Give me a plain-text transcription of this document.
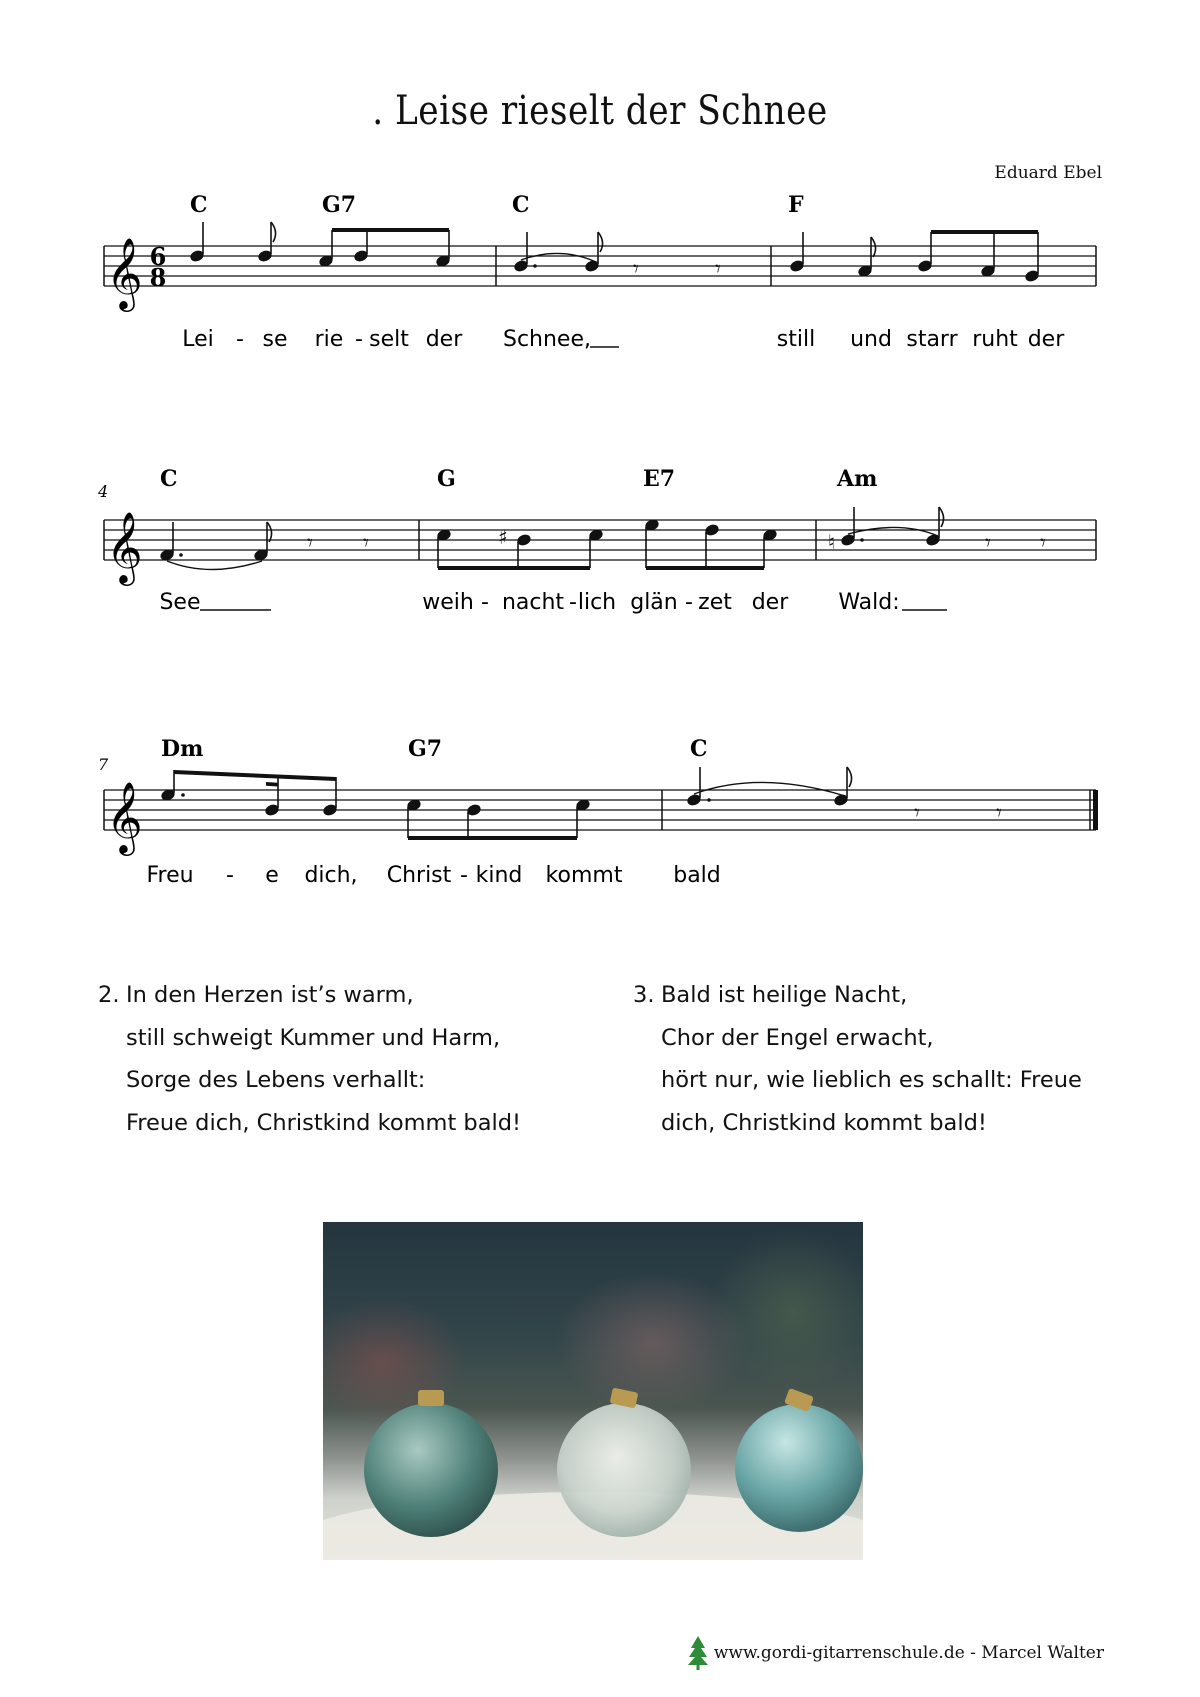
. Leise rieselt der Schnee
Eduard Ebel
C	G7	C	F
𝄞 6
8	𝄾	𝄾
Lei - se rie - selt der Schnee,	still und starr ruht der
4 C	G	E7	Am
𝄞	𝄾 𝄾	♯	♮	𝄾 𝄾
See	weih - nacht - lich glän - zet der Wald:
7
Dm	G7	C
𝄞	𝄾	𝄾
Freu - e dich, Christ - kind kommt bald
2. In den Herzen ist’s warm,
still schweigt Kummer und Harm,
Sorge des Lebens verhallt:
Freue dich, Christkind kommt bald!
3. Bald ist heilige Nacht,
Chor der Engel erwacht,
hört nur, wie lieblich es schallt: Freue
dich, Christkind kommt bald!
www.gordi-gitarrenschule.de - Marcel Walter
